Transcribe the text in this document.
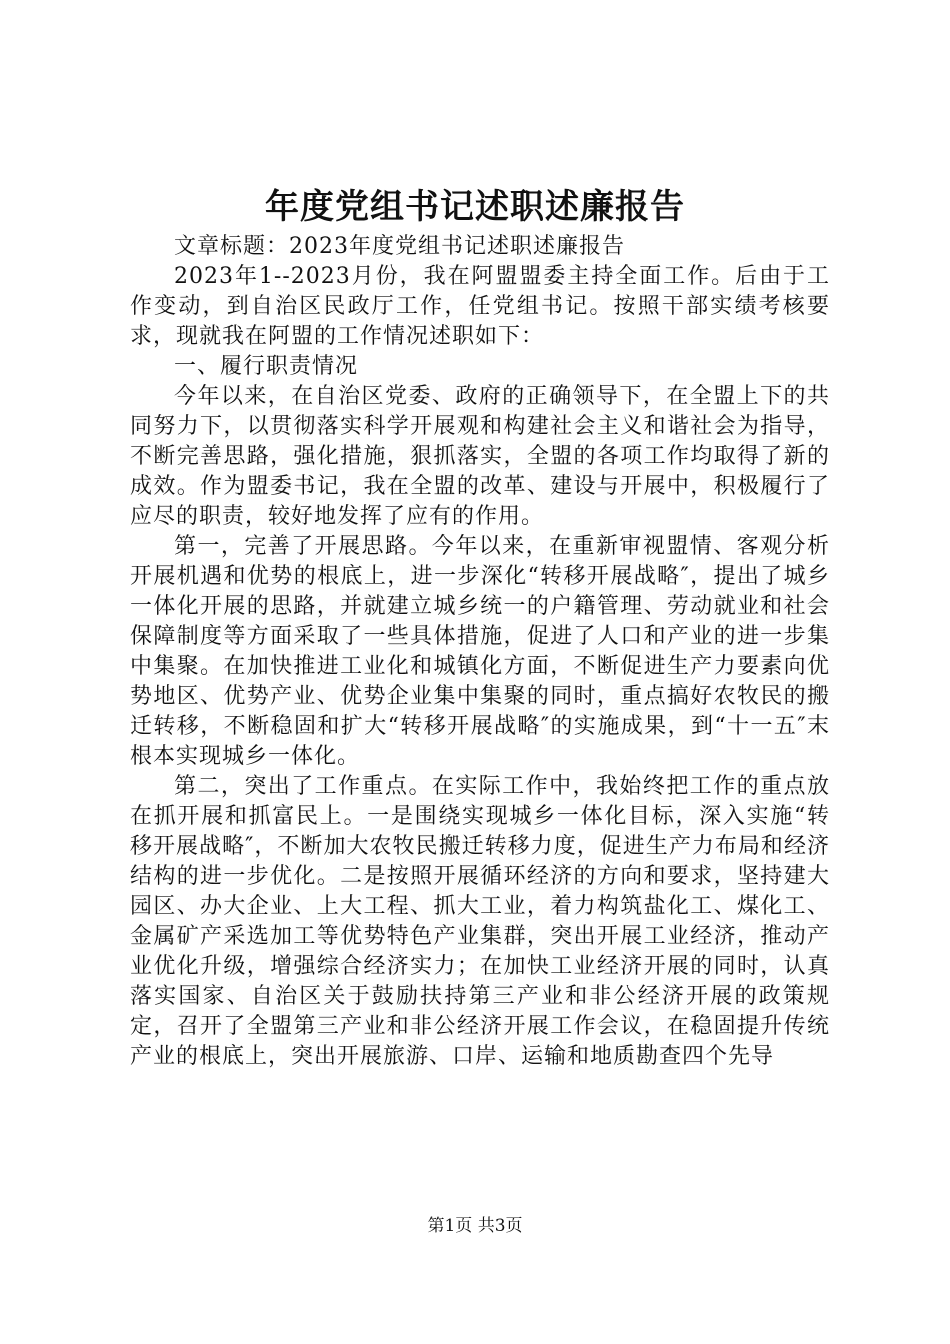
年度党组书记述职述廉报告

文章标题：2023年度党组书记述职述廉报告

2023年1--2023月份，我在阿盟盟委主持全面工作。后由于工作变动，到自治区民政厅工作，任党组书记。按照干部实绩考核要求，现就我在阿盟的工作情况述职如下：

一、履行职责情况

今年以来，在自治区党委、政府的正确领导下，在全盟上下的共同努力下，以贯彻落实科学开展观和构建社会主义和谐社会为指导，不断完善思路，强化措施，狠抓落实，全盟的各项工作均取得了新的成效。作为盟委书记，我在全盟的改革、建设与开展中，积极履行了应尽的职责，较好地发挥了应有的作用。

第一，完善了开展思路。今年以来，在重新审视盟情、客观分析开展机遇和优势的根底上，进一步深化“转移开展战略″，提出了城乡一体化开展的思路，并就建立城乡统一的户籍管理、劳动就业和社会保障制度等方面采取了一些具体措施，促进了人口和产业的进一步集中集聚。在加快推进工业化和城镇化方面，不断促进生产力要素向优势地区、优势产业、优势企业集中集聚的同时，重点搞好农牧民的搬迁转移，不断稳固和扩大“转移开展战略″的实施成果，到“十一五″末根本实现城乡一体化。

第二，突出了工作重点。在实际工作中，我始终把工作的重点放在抓开展和抓富民上。一是围绕实现城乡一体化目标，深入实施“转移开展战略″，不断加大农牧民搬迁转移力度，促进生产力布局和经济结构的进一步优化。二是按照开展循环经济的方向和要求，坚持建大园区、办大企业、上大工程、抓大工业，着力构筑盐化工、煤化工、金属矿产采选加工等优势特色产业集群，突出开展工业经济，推动产业优化升级，增强综合经济实力；在加快工业经济开展的同时，认真落实国家、自治区关于鼓励扶持第三产业和非公经济开展的政策规定，召开了全盟第三产业和非公经济开展工作会议，在稳固提升传统产业的根底上，突出开展旅游、口岸、运输和地质勘查四个先导

第1页 共3页
